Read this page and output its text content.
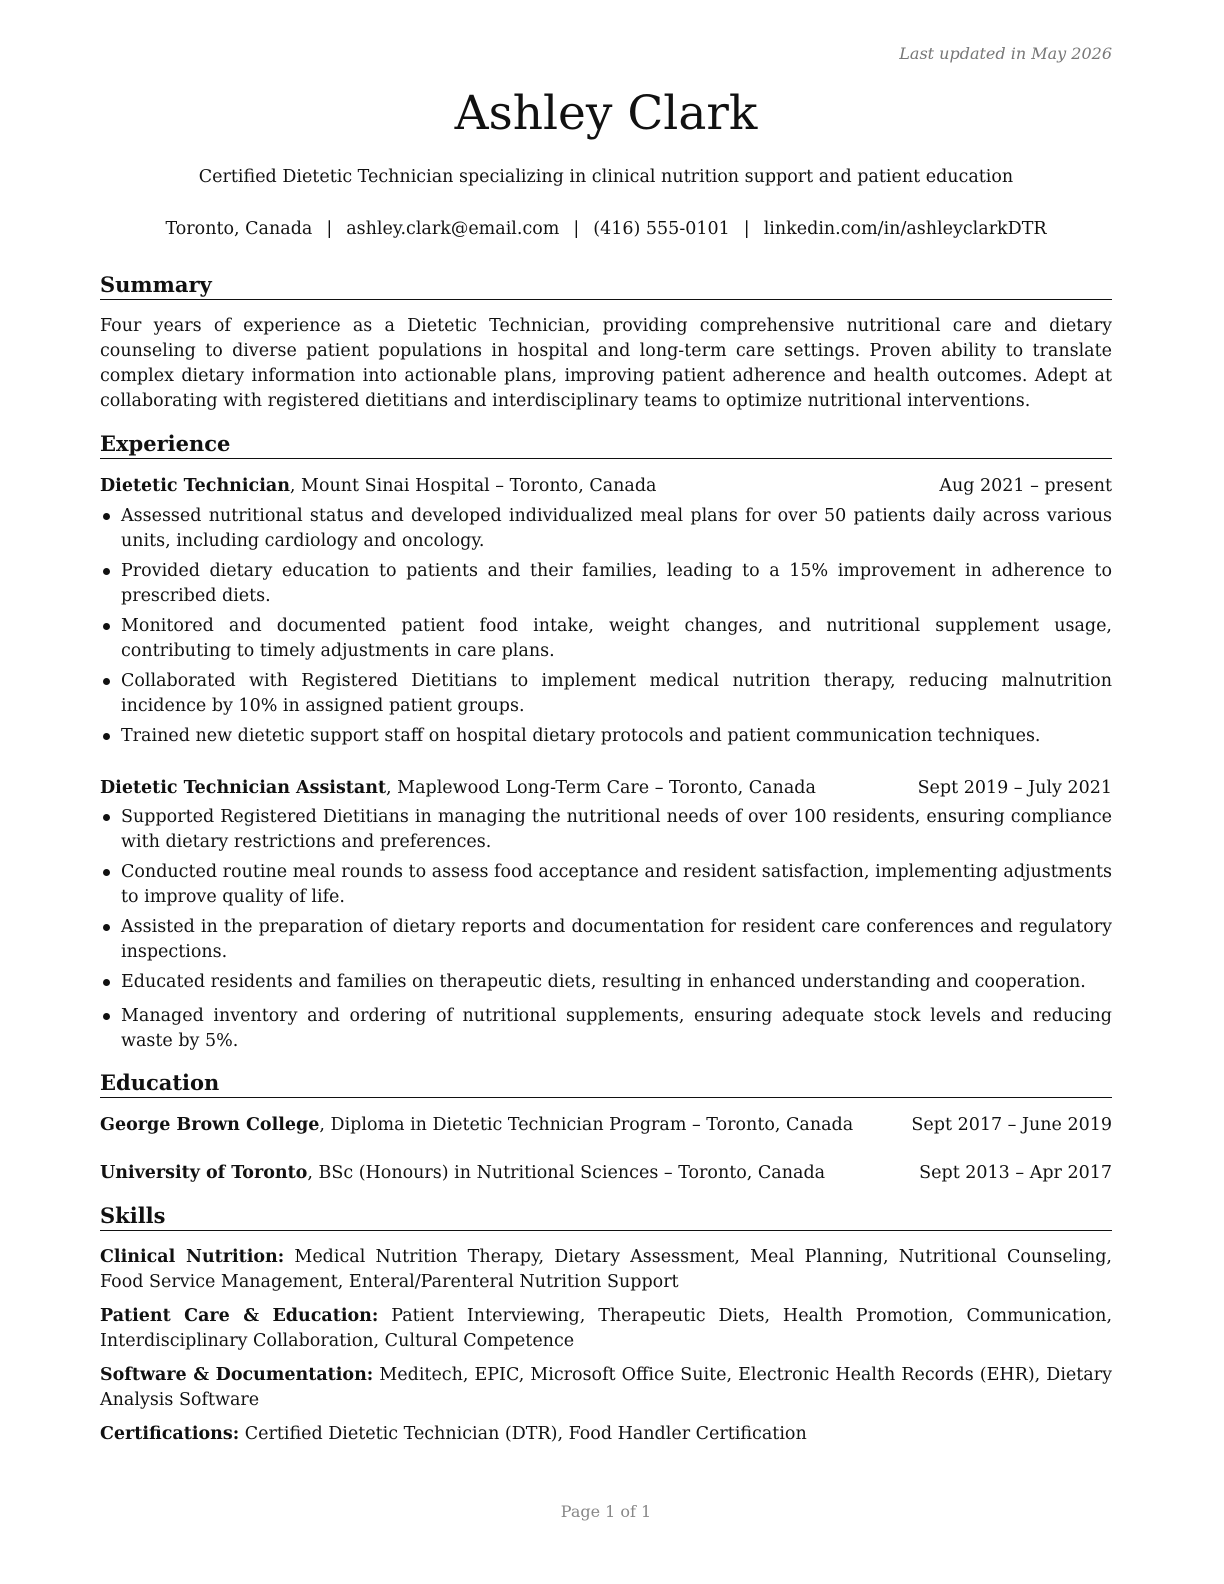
Last updated in May 2026
Ashley Clark
Certified Dietetic Technician specializing in clinical nutrition support and patient education
Toronto, Canada | ashley.clark@email.com | (416) 555-0101 | linkedin.com/in/ashleyclarkDTR
Summary
Four years of experience as a Dietetic Technician, providing comprehensive nutritional care and dietary counseling to diverse patient populations in hospital and long-term care settings. Proven ability to translate complex dietary information into actionable plans, improving patient adherence and health outcomes. Adept at collaborating with registered dietitians and interdisciplinary teams to optimize nutritional interventions.
Experience
Dietetic Technician, Mount Sinai Hospital – Toronto, Canada	Aug 2021 – present
Assessed nutritional status and developed individualized meal plans for over 50 patients daily across various units, including cardiology and oncology.
Provided dietary education to patients and their families, leading to a 15% improvement in adherence to prescribed diets.
Monitored and documented patient food intake, weight changes, and nutritional supplement usage, contributing to timely adjustments in care plans.
Collaborated with Registered Dietitians to implement medical nutrition therapy, reducing malnutrition incidence by 10% in assigned patient groups.
Trained new dietetic support staff on hospital dietary protocols and patient communication techniques.
Dietetic Technician Assistant, Maplewood Long-Term Care – Toronto, Canada	Sept 2019 – July 2021
Supported Registered Dietitians in managing the nutritional needs of over 100 residents, ensuring compliance with dietary restrictions and preferences.
Conducted routine meal rounds to assess food acceptance and resident satisfaction, implementing adjustments to improve quality of life.
Assisted in the preparation of dietary reports and documentation for resident care conferences and regulatory inspections.
Educated residents and families on therapeutic diets, resulting in enhanced understanding and cooperation.
Managed inventory and ordering of nutritional supplements, ensuring adequate stock levels and reducing waste by 5%.
Education
George Brown College, Diploma in Dietetic Technician Program – Toronto, Canada	Sept 2017 – June 2019
University of Toronto, BSc (Honours) in Nutritional Sciences – Toronto, Canada	Sept 2013 – Apr 2017
Skills
Clinical Nutrition: Medical Nutrition Therapy, Dietary Assessment, Meal Planning, Nutritional Counseling, Food Service Management, Enteral/Parenteral Nutrition Support
Patient Care & Education: Patient Interviewing, Therapeutic Diets, Health Promotion, Communication, Interdisciplinary Collaboration, Cultural Competence
Software & Documentation: Meditech, EPIC, Microsoft Office Suite, Electronic Health Records (EHR), Dietary Analysis Software
Certifications: Certified Dietetic Technician (DTR), Food Handler Certification
Page 1 of 1
